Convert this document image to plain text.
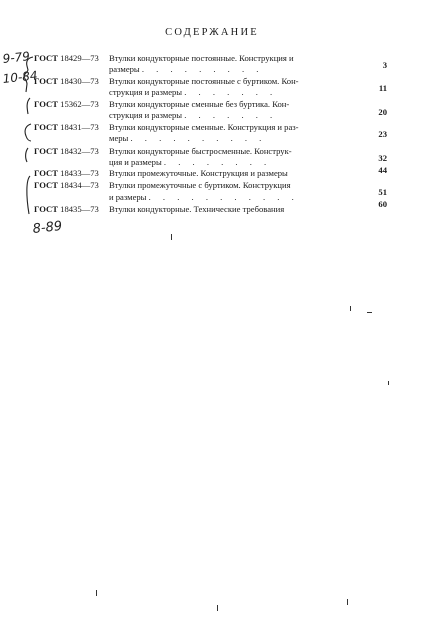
СОДЕРЖАНИЕ
9-79
10-84
8-89
ГОСТ 18429—73 Втулки кондукторные постоянные. Конструкция и
размеры . . . . . . . . .	3
ГОСТ 18430—73 Втулки кондукторные постоянные с буртиком. Кон-
струкция и размеры . . . . . . .	11
ГОСТ 15362—73 Втулки кондукторные сменные без буртика. Кон-
струкция и размеры . . . . . . .	20
ГОСТ 18431—73 Втулки кондукторные сменные. Конструкция и раз-
меры . . . . . . . . . .	23
ГОСТ 18432—73 Втулки кондукторные быстросменные. Конструк-
ция и размеры . . . . . . . .	32
ГОСТ 18433—73 Втулки промежуточные. Конструкция и размеры	44
ГОСТ 18434—73 Втулки промежуточные с буртиком. Конструкция
и размеры . . . . . . . . . . .	51
ГОСТ 18435—73 Втулки кондукторные. Технические требования	60
